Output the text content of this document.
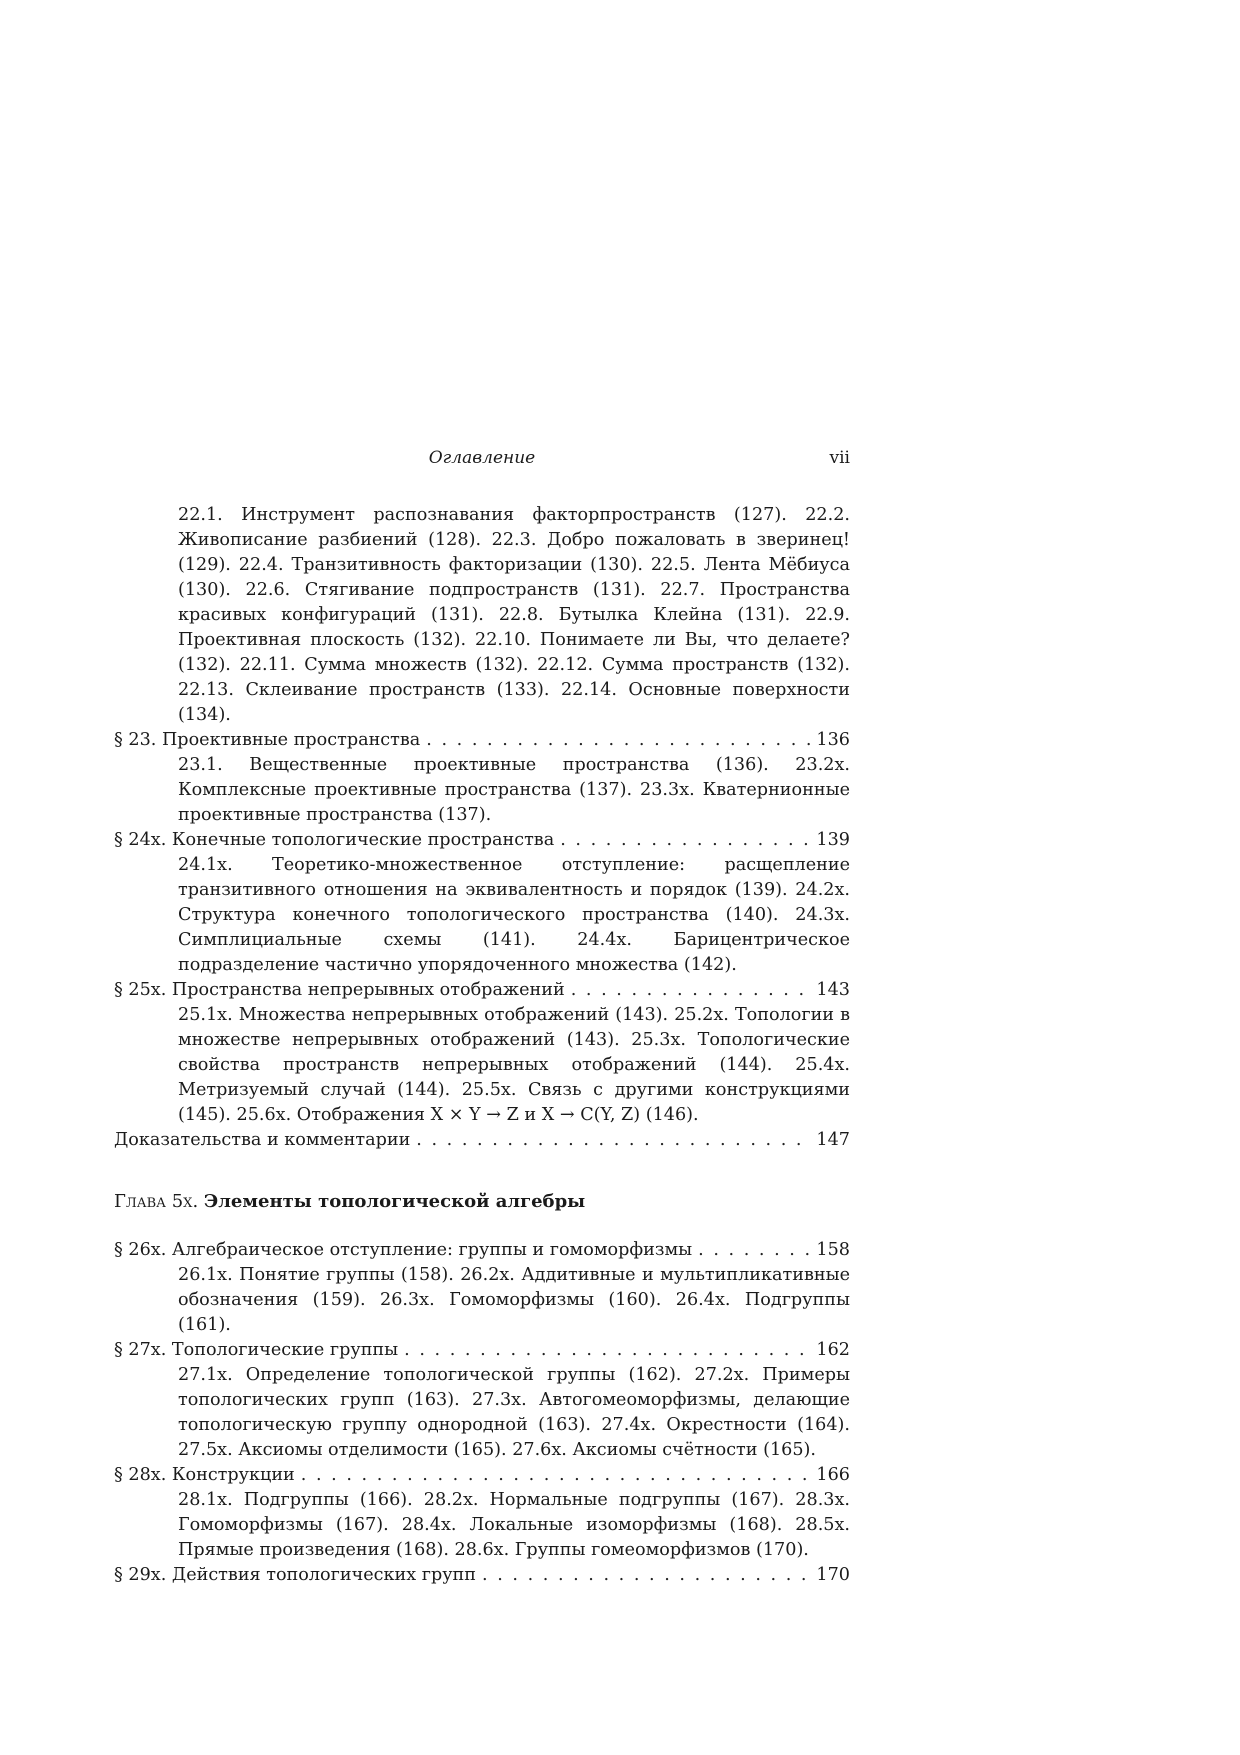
Оглавление	vii
22.1. Инструмент распознавания факторпространств (127). 22.2. Живописание разбиений (128). 22.3. Добро пожаловать в зверинец! (129). 22.4. Транзитивность факторизации (130). 22.5. Лента Мёбиуса (130). 22.6. Стягивание подпространств (131). 22.7. Пространства красивых конфигураций (131). 22.8. Бутылка Клейна (131). 22.9. Проективная плоскость (132). 22.10. Понимаете ли Вы, что делаете? (132). 22.11. Сумма множеств (132). 22.12. Сумма пространств (132). 22.13. Склеивание пространств (133). 22.14. Основные поверхности (134).
§ 23. Проективные пространства . . .	136
23.1. Вещественные проективные пространства (136). 23.2x. Комплексные проективные пространства (137). 23.3x. Кватернионные проективные пространства (137).
§ 24x. Конечные топологические пространства . . .	139
24.1x. Теоретико-множественное отступление: расщепление транзитивного отношения на эквивалентность и порядок (139). 24.2x. Структура конечного топологического пространства (140). 24.3x. Симплициальные схемы (141). 24.4x. Барицентрическое подразделение частично упорядоченного множества (142).
§ 25x. Пространства непрерывных отображений . . .	143
25.1x. Множества непрерывных отображений (143). 25.2x. Топологии в множестве непрерывных отображений (143). 25.3x. Топологические свойства пространств непрерывных отображений (144). 25.4x. Метризуемый случай (144). 25.5x. Связь с другими конструкциями (145). 25.6x. Отображения X × Y → Z и X → C(Y, Z) (146).
Доказательства и комментарии . . .	147
Глава 5x. Элементы топологической алгебры
§ 26x. Алгебраическое отступление: группы и гомоморфизмы . . .	158
26.1x. Понятие группы (158). 26.2x. Аддитивные и мультипликативные обозначения (159). 26.3x. Гомоморфизмы (160). 26.4x. Подгруппы (161).
§ 27x. Топологические группы . . .	162
27.1x. Определение топологической группы (162). 27.2x. Примеры топологических групп (163). 27.3x. Автогомеоморфизмы, делающие топологическую группу однородной (163). 27.4x. Окрестности (164). 27.5x. Аксиомы отделимости (165). 27.6x. Аксиомы счётности (165).
§ 28x. Конструкции . . .	166
28.1x. Подгруппы (166). 28.2x. Нормальные подгруппы (167). 28.3x. Гомоморфизмы (167). 28.4x. Локальные изоморфизмы (168). 28.5x. Прямые произведения (168). 28.6x. Группы гомеоморфизмов (170).
§ 29x. Действия топологических групп . . .	170
